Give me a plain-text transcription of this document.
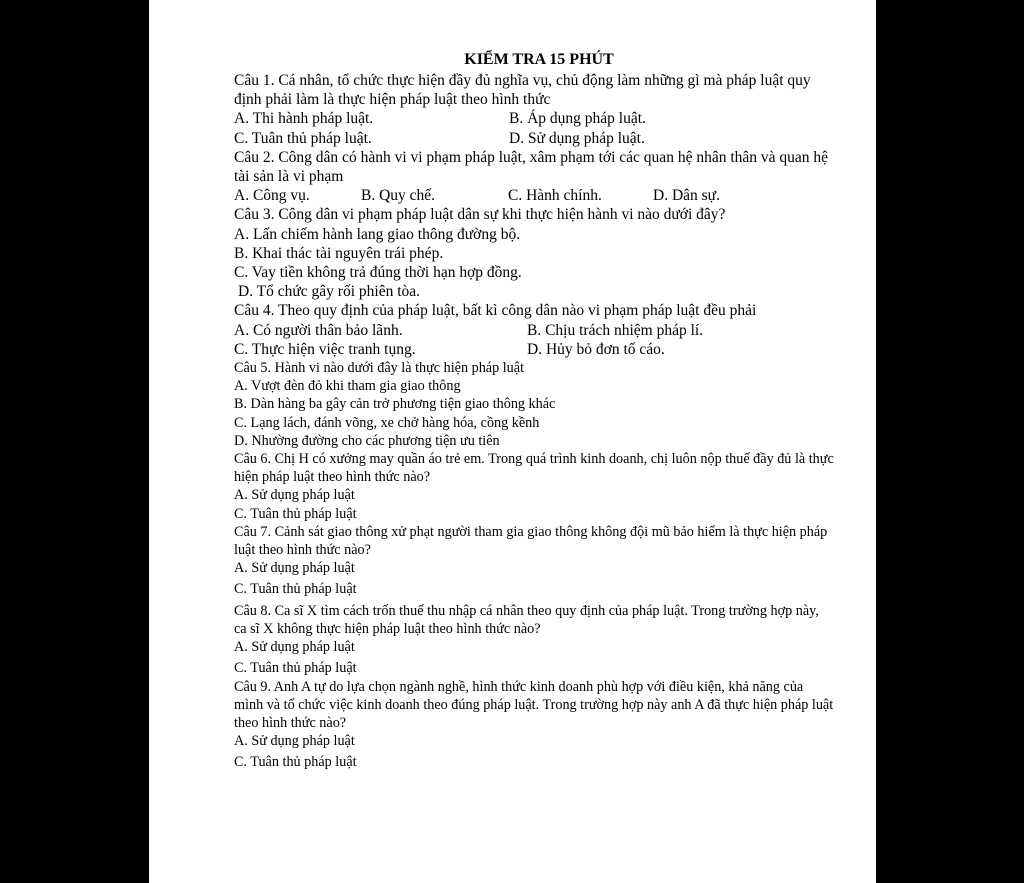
KIỂM TRA 15 PHÚT

Câu 1. Cá nhân, tổ chức thực hiện đầy đủ nghĩa vụ, chủ động làm những gì mà pháp luật quy định phải làm là thực hiện pháp luật theo hình thức

A. Thi hành pháp luật.	B. Áp dụng pháp luật.
C. Tuân thủ pháp luật.	D. Sử dụng pháp luật.

Câu 2. Công dân có hành vi vi phạm pháp luật, xâm phạm tới các quan hệ nhân thân và quan hệ tài sản là vi phạm

A. Công vụ.	B. Quy chế.	C. Hành chính.	D. Dân sự.

Câu 3. Công dân vi phạm pháp luật dân sự khi thực hiện hành vi nào dưới đây?

A. Lấn chiếm hành lang giao thông đường bộ.

B. Khai thác tài nguyên trái phép.

C. Vay tiền không trả đúng thời hạn hợp đồng.

D. Tổ chức gây rối phiên tòa.

Câu 4. Theo quy định của pháp luật, bất kì công dân nào vi phạm pháp luật đều phải

A. Có người thân bảo lãnh.	B. Chịu trách nhiệm pháp lí.
C. Thực hiện việc tranh tụng.	D. Hủy bỏ đơn tố cáo.

Câu 5. Hành vi nào dưới đây là thực hiện pháp luật

A. Vượt đèn đỏ khi tham gia giao thông

B. Dàn hàng ba gây cản trở phương tiện giao thông khác

C. Lạng lách, đánh võng, xe chở hàng hóa, cồng kềnh

D. Nhường đường cho các phương tiện ưu tiên

Câu 6. Chị H có xưởng may quần áo trẻ em. Trong quá trình kinh doanh, chị luôn nộp thuế đầy đủ là thực hiện pháp luật theo hình thức nào?

A. Sử dụng pháp luật

C. Tuân thủ pháp luật

Câu 7. Cảnh sát giao thông xử phạt người tham gia giao thông không đội mũ bảo hiểm là thực hiện pháp luật theo hình thức nào?

A. Sử dụng pháp luật

C. Tuân thủ pháp luật

Câu 8. Ca sĩ X tìm cách trốn thuế thu nhập cá nhân theo quy định của pháp luật. Trong trường hợp này, ca sĩ X không thực hiện pháp luật theo hình thức nào?

A. Sử dụng pháp luật

C. Tuân thủ pháp luật

Câu 9. Anh A tự do lựa chọn ngành nghề, hình thức kinh doanh phù hợp với điều kiện, khả năng của mình và tổ chức việc kinh doanh theo đúng pháp luật. Trong trường hợp này anh A đã thực hiện pháp luật theo hình thức nào?

A. Sử dụng pháp luật

C. Tuân thủ pháp luật
